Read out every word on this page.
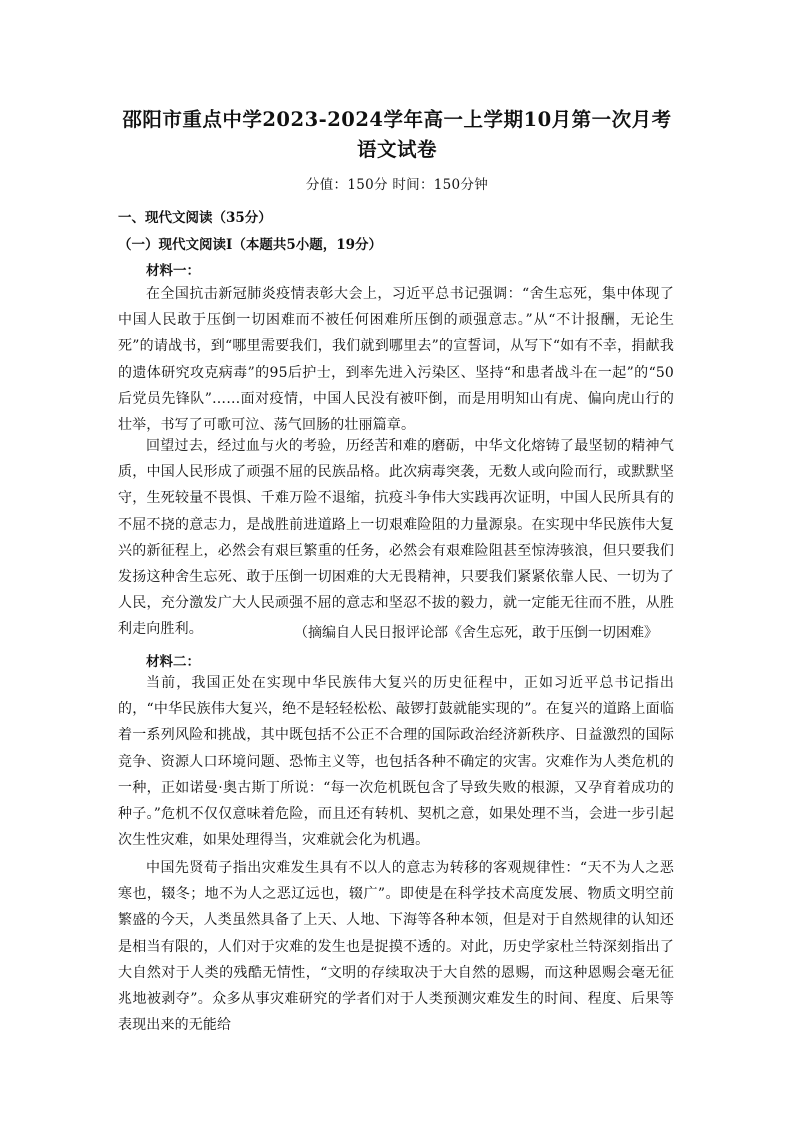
邵阳市重点中学2023-2024学年高一上学期10月第一次月考
语文试卷
分值：150分 时间：150分钟
一、现代文阅读（35分）
（一）现代文阅读Ⅰ（本题共5小题，19分）
材料一：
在全国抗击新冠肺炎疫情表彰大会上，习近平总书记强调：“舍生忘死，集中体现了中国人民敢于压倒一切困难而不被任何困难所压倒的顽强意志。”从“不计报酬，无论生死”的请战书，到“哪里需要我们，我们就到哪里去”的宣誓词，从写下“如有不幸，捐献我的遗体研究攻克病毒”的95后护士，到率先进入污染区、坚持“和患者战斗在一起”的“50后党员先锋队”……面对疫情，中国人民没有被吓倒，而是用明知山有虎、偏向虎山行的壮举，书写了可歌可泣、荡气回肠的壮丽篇章。
回望过去，经过血与火的考验，历经苦和难的磨砺，中华文化熔铸了最坚韧的精神气质，中国人民形成了顽强不屈的民族品格。此次病毒突袭，无数人或向险而行，或默默坚守，生死较量不畏惧、千难万险不退缩，抗疫斗争伟大实践再次证明，中国人民所具有的不屈不挠的意志力，是战胜前进道路上一切艰难险阻的力量源泉。在实现中华民族伟大复兴的新征程上，必然会有艰巨繁重的任务，必然会有艰难险阻甚至惊涛骇浪，但只要我们发扬这种舍生忘死、敢于压倒一切困难的大无畏精神，只要我们紧紧依靠人民、一切为了人民，充分激发广大人民顽强不屈的意志和坚忍不拔的毅力，就一定能无往而不胜，从胜利走向胜利。	（摘编自人民日报评论部《舍生忘死，敢于压倒一切困难》
材料二：
当前，我国正处在实现中华民族伟大复兴的历史征程中，正如习近平总书记指出的，“中华民族伟大复兴，绝不是轻轻松松、敲锣打鼓就能实现的”。在复兴的道路上面临着一系列风险和挑战，其中既包括不公正不合理的国际政治经济新秩序、日益激烈的国际竞争、资源人口环境问题、恐怖主义等，也包括各种不确定的灾害。灾难作为人类危机的一种，正如诺曼·奥古斯丁所说：“每一次危机既包含了导致失败的根源，又孕育着成功的种子。”危机不仅仅意味着危险，而且还有转机、契机之意，如果处理不当，会进一步引起次生性灾难，如果处理得当，灾难就会化为机遇。
中国先贤荀子指出灾难发生具有不以人的意志为转移的客观规律性：“天不为人之恶寒也，辍冬；地不为人之恶辽远也，辍广”。即使是在科学技术高度发展、物质文明空前繁盛的今天，人类虽然具备了上天、人地、下海等各种本领，但是对于自然规律的认知还是相当有限的，人们对于灾难的发生也是捉摸不透的。对此，历史学家杜兰特深刻指出了大自然对于人类的残酷无情性，“文明的存续取决于大自然的恩赐，而这种恩赐会毫无征兆地被剥夺”。众多从事灾难研究的学者们对于人类预测灾难发生的时间、程度、后果等表现出来的无能给
